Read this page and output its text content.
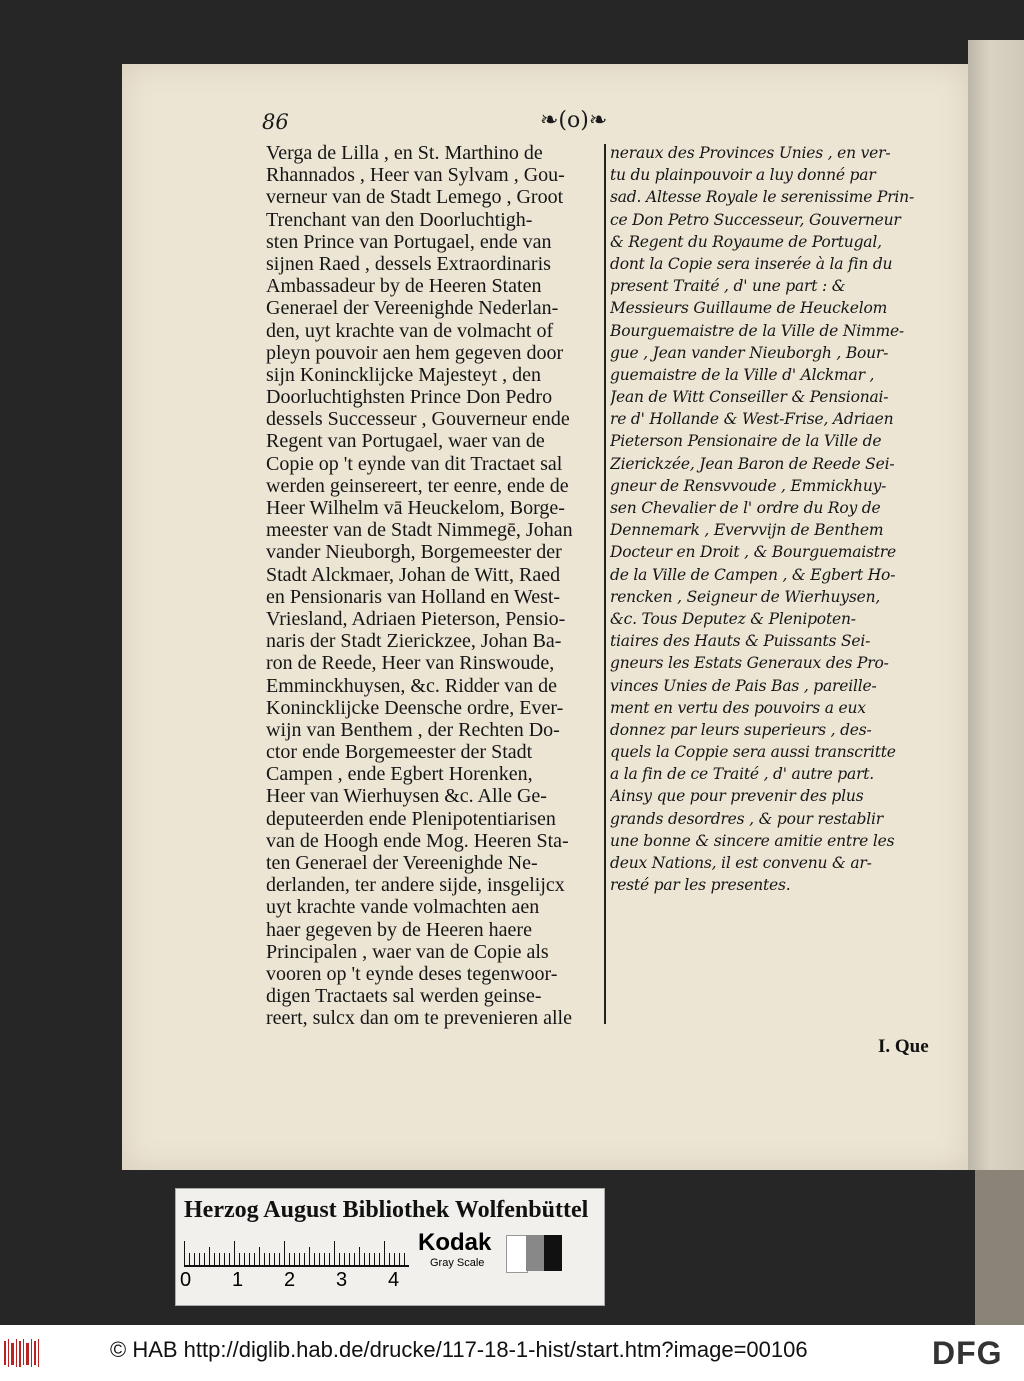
86	❧(o)❧
Verga de Lilla , en St. Marthino de
Rhannados , Heer van Sylvam , Gou-
verneur van de Stadt Lemego , Groot
Trenchant van den Doorluchtigh-
sten Prince van Portugael, ende van
sijnen Raed , dessels Extraordinaris
Ambassadeur by de Heeren Staten
Generael der Vereenighde Nederlan-
den, uyt krachte van de volmacht of
pleyn pouvoir aen hem gegeven door
sijn Konincklijcke Majesteyt , den
Doorluchtighsten Prince Don Pedro
dessels Successeur , Gouverneur ende
Regent van Portugael, waer van de
Copie op 't eynde van dit Tractaet sal
werden geinsereert, ter eenre, ende de
Heer Wilhelm vā Heuckelom, Borge-
meester van de Stadt Nimmegē, Johan
vander Nieuborgh, Borgemeester der
Stadt Alckmaer, Johan de Witt, Raed
en Pensionaris van Holland en West-
Vriesland, Adriaen Pieterson, Pensio-
naris der Stadt Zierickzee, Johan Ba-
ron de Reede, Heer van Rinswoude,
Emminckhuysen, &c. Ridder van de
Konincklijcke Deensche ordre, Ever-
wijn van Benthem , der Rechten Do-
ctor ende Borgemeester der Stadt
Campen , ende Egbert Horenken,
Heer van Wierhuysen &c. Alle Ge-
deputeerden ende Plenipotentiarisen
van de Hoogh ende Mog. Heeren Sta-
ten Generael der Vereenighde Ne-
derlanden, ter andere sijde, insgelijcx
uyt krachte vande volmachten aen
haer gegeven by de Heeren haere
Principalen , waer van de Copie als
vooren op 't eynde deses tegenwoor-
digen Tractaets sal werden geinse-
reert, sulcx dan om te prevenieren alle
neraux des Provinces Unies , en ver-
tu du plainpouvoir a luy donné par
sad. Altesse Royale le serenissime Prin-
ce Don Petro Successeur, Gouverneur
& Regent du Royaume de Portugal,
dont la Copie sera inserée à la fin du
present Traité , d' une part : &
Messieurs Guillaume de Heuckelom
Bourguemaistre de la Ville de Nimme-
gue , Jean vander Nieuborgh , Bour-
guemaistre de la Ville d' Alckmar ,
Jean de Witt Conseiller & Pensionai-
re d' Hollande & West-Frise, Adriaen
Pieterson Pensionaire de la Ville de
Zierickzée, Jean Baron de Reede Sei-
gneur de Rensvvoude , Emmickhuy-
sen Chevalier de l' ordre du Roy de
Dennemark , Evervvijn de Benthem
Docteur en Droit , & Bourguemaistre
de la Ville de Campen , & Egbert Ho-
rencken , Seigneur de Wierhuysen,
&c. Tous Deputez & Plenipoten-
tiaires des Hauts & Puissants Sei-
gneurs les Estats Generaux des Pro-
vinces Unies de Pais Bas , pareille-
ment en vertu des pouvoirs a eux
donnez par leurs superieurs , des-
quels la Coppie sera aussi transcritte
a la fin de ce Traité , d' autre part.
Ainsy que pour prevenir des plus
grands desordres , & pour restablir
une bonne & sincere amitie entre les
deux Nations, il est convenu & ar-
resté par les presentes.
I. Que
Herzog August Bibliothek Wolfenbüttel
0 1 2 3 4
Kodak
Gray Scale
© HAB http://diglib.hab.de/drucke/117-18-1-hist/start.htm?image=00106	DFG
